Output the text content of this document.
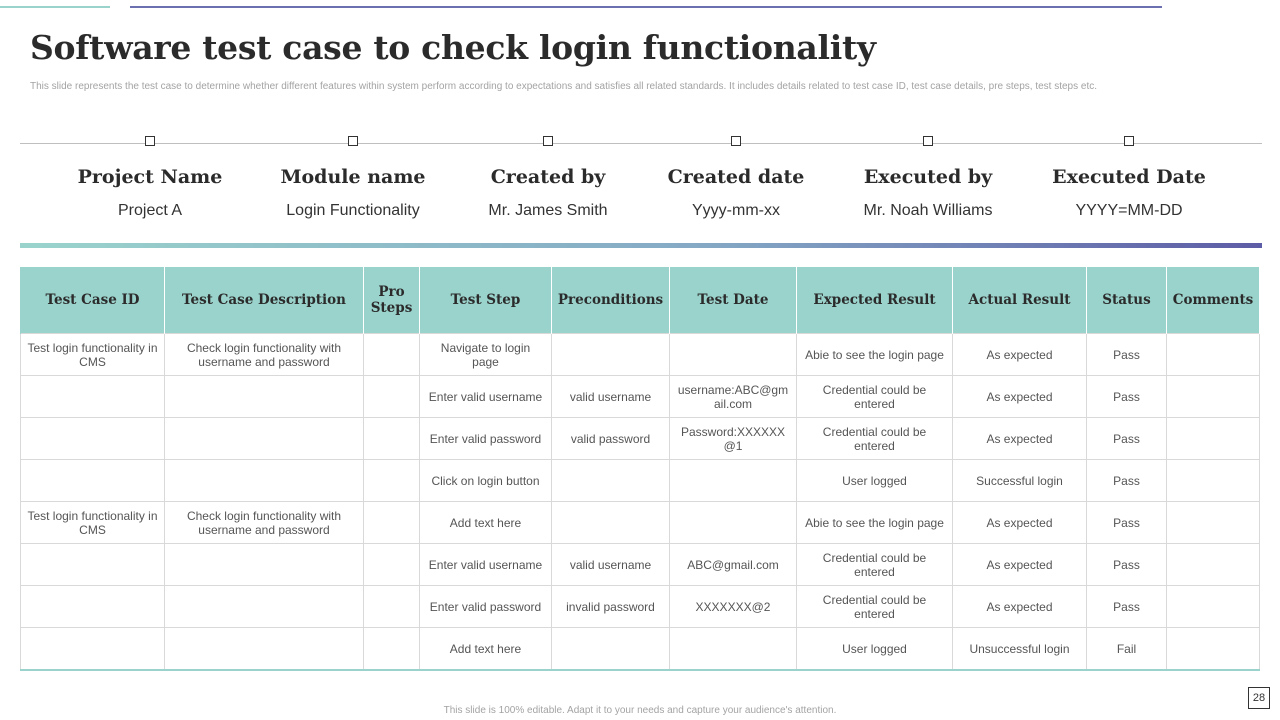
Software test case to check login functionality
This slide represents the test case to determine whether different features within system perform according to expectations and satisfies all related standards. It includes details related to test case ID, test case details, pre steps, test steps etc.
Project Name
Project A
Module name
Login Functionality
Created by
Mr. James Smith
Created date
Yyyy-mm-xx
Executed by
Mr. Noah Williams
Executed Date
YYYY=MM-DD
Test Case ID	Test Case Description	Pro Steps	Test Step	Preconditions	Test Date	Expected Result	Actual Result	Status	Comments
Test login functionality in CMS	Check login functionality with username and password		Navigate to login page			Abie to see the login page	As expected	Pass	
			Enter valid username	valid username	username:ABC@gmail.com	Credential could be entered	As expected	Pass	
			Enter valid password	valid password	Password:XXXXXX@1	Credential could be entered	As expected	Pass	
			Click on login button			User logged	Successful login	Pass	
Test login functionality in CMS	Check login functionality with username and password		Add text here			Abie to see the login page	As expected	Pass	
			Enter valid username	valid username	ABC@gmail.com	Credential could be entered	As expected	Pass	
			Enter valid password	invalid password	XXXXXXX@2	Credential could be entered	As expected	Pass	
			Add text here			User logged	Unsuccessful login	Fail	
This slide is 100% editable. Adapt it to your needs and capture your audience's attention.
28
